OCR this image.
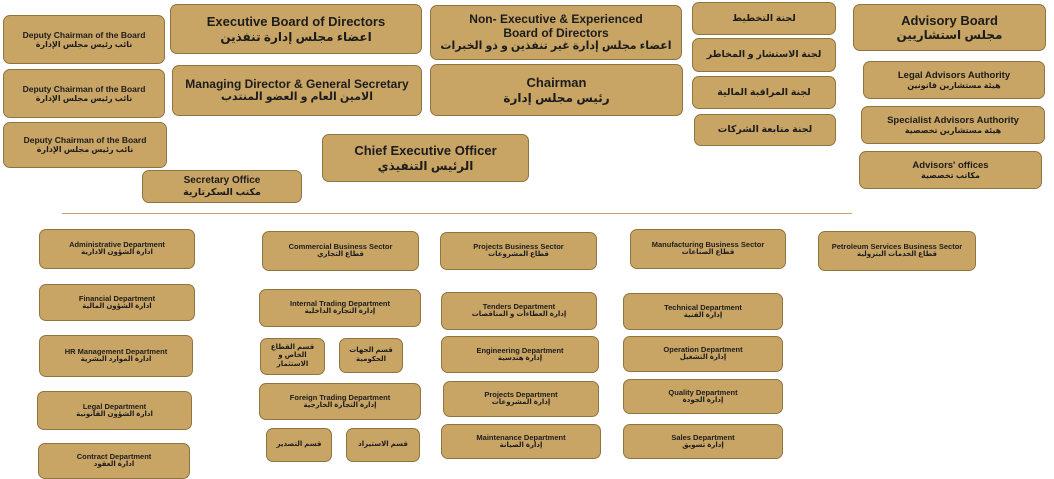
Deputy Chairman of the Board
نائب رئيس مجلس الإدارة
Deputy Chairman of the Board
نائب رئيس مجلس الإدارة
Deputy Chairman of the Board
نائب رئيس مجلس الإدارة
Executive Board of Directors
اعضاء مجلس إدارة تنفذين
Managing Director & General Secretary
الامين العام و العضو المنتدب
Non- Executive & Experienced
Board of Directors
اعضاء مجلس إدارة غير تنفذين و ذو الخبرات
Chairman
رئيس مجلس إدارة
Chief Executive Officer
الرئيس التنفيذي
Secretary Office
مكتب السكرتارية
لجنة التخطيط
لجنة الاستشار و المخاطر
لجنة المراقبة المالية
لجنة متابعة الشركات
Advisory Board
مجلس استشاريين
Legal Advisors Authority
هيئة مستشارين قانونين
Specialist Advisors Authority
هيئة مستشارين تخصصية
Advisors' offices
مكاتب تخصصية
Administrative Department
ادارة الشؤون الادارية
Financial Department
ادارة الشؤون المالية
HR Management Department
ادارة الموارد البشرية
Legal Department
ادارة الشؤون القانونية
Contract Department
ادارة العقود
Commercial Business Sector
قطاع التجاري
Internal Trading Department
إدارة التجارة الداخلية
قسم القطاع الخاص و الاستثمار
قسم الجهات الحكومية
Foreign Trading Department
إدارة التجارة الخارجية
قسم التصدير	قسم الاستيراد
Projects Business Sector
قطاع المشروعات
Tenders Department
إدارة العطاءات و المناقصات
Engineering Department
إدارة هندسية
Projects Department
إدارة المشروعات
Maintenance Department
إدارة الصيانة
Manufacturing Business Sector
قطاع الصناعات
Technical Department
إدارة الفنية
Operation Department
إدارة التشغيل
Quality Department
إدارة الجودة
Sales Department
إدارة تسويق
Petroleum Services Business Sector
قطاع الخدمات البترولية
